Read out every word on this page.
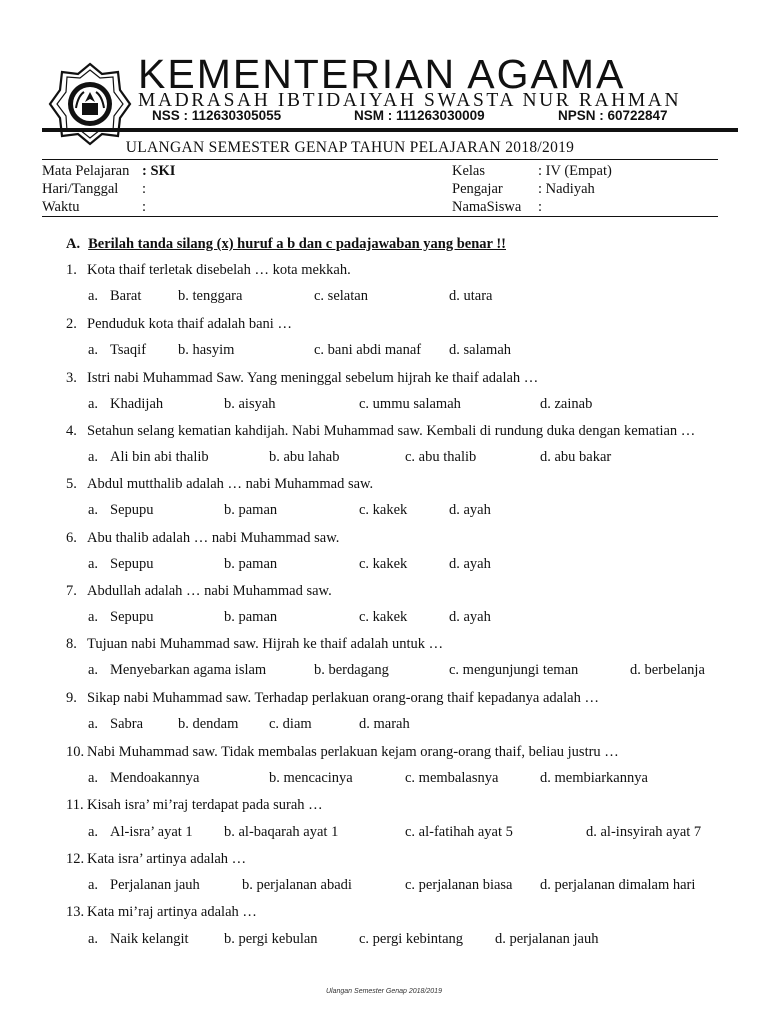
KEMENTERIAN AGAMA
MADRASAH IBTIDAIYAH SWASTA NUR RAHMAN
NSS : 112630305055	NSM : 111263030009	NPSN : 60722847
ULANGAN SEMESTER GENAP TAHUN PELAJARAN 2018/2019
Mata Pelajaran : SKI
Hari/Tanggal :
Waktu	:
Kelas	: IV (Empat)
Pengajar : Nadiyah
NamaSiswa :
A. Berilah tanda silang (x) huruf a b dan c padajawaban yang benar !!
1. Kota thaif terletak disebelah … kota mekkah.
a. Barat	b. tenggara	c. selatan	d. utara
2. Penduduk kota thaif adalah bani …
a. Tsaqif b. hasyim	c. bani abdi manaf d. salamah
3. Istri nabi Muhammad Saw. Yang meninggal sebelum hijrah ke thaif adalah …
a. Khadijah	b. aisyah	c. ummu salamah	d. zainab
4. Setahun selang kematian kahdijah. Nabi Muhammad saw. Kembali di rundung duka dengan kematian …
a. Ali bin abi thalib	b. abu lahab	c. abu thalib	d. abu bakar
5. Abdul mutthalib adalah … nabi Muhammad saw.
a. Sepupu	b. paman	c. kakek	d. ayah
6. Abu thalib adalah … nabi Muhammad saw.
a. Sepupu	b. paman	c. kakek	d. ayah
7. Abdullah adalah … nabi Muhammad saw.
a. Sepupu	b. paman	c. kakek	d. ayah
8. Tujuan nabi Muhammad saw. Hijrah ke thaif adalah untuk …
a. Menyebarkan agama islam	b. berdagang	c. mengunjungi teman	d. berbelanja
9. Sikap nabi Muhammad saw. Terhadap perlakuan orang-orang thaif kepadanya adalah …
a. Sabra b. dendam c. diam	d. marah
10. Nabi Muhammad saw. Tidak membalas perlakuan kejam orang-orang thaif, beliau justru …
a. Mendoakannya	b. mencacinya	c. membalasnya	d. membiarkannya
11. Kisah isra’ mi’raj terdapat pada surah …
a. Al-isra’ ayat 1 b. al-baqarah ayat 1	c. al-fatihah ayat 5	d. al-insyirah ayat 7
12. Kata isra’ artinya adalah …
a. Perjalanan jauh	b. perjalanan abadi	c. perjalanan biasa d. perjalanan dimalam hari
13. Kata mi’raj artinya adalah …
a. Naik kelangit b. pergi kebulan	c. pergi kebintang d. perjalanan jauh
Ulangan Semester Genap 2018/2019
